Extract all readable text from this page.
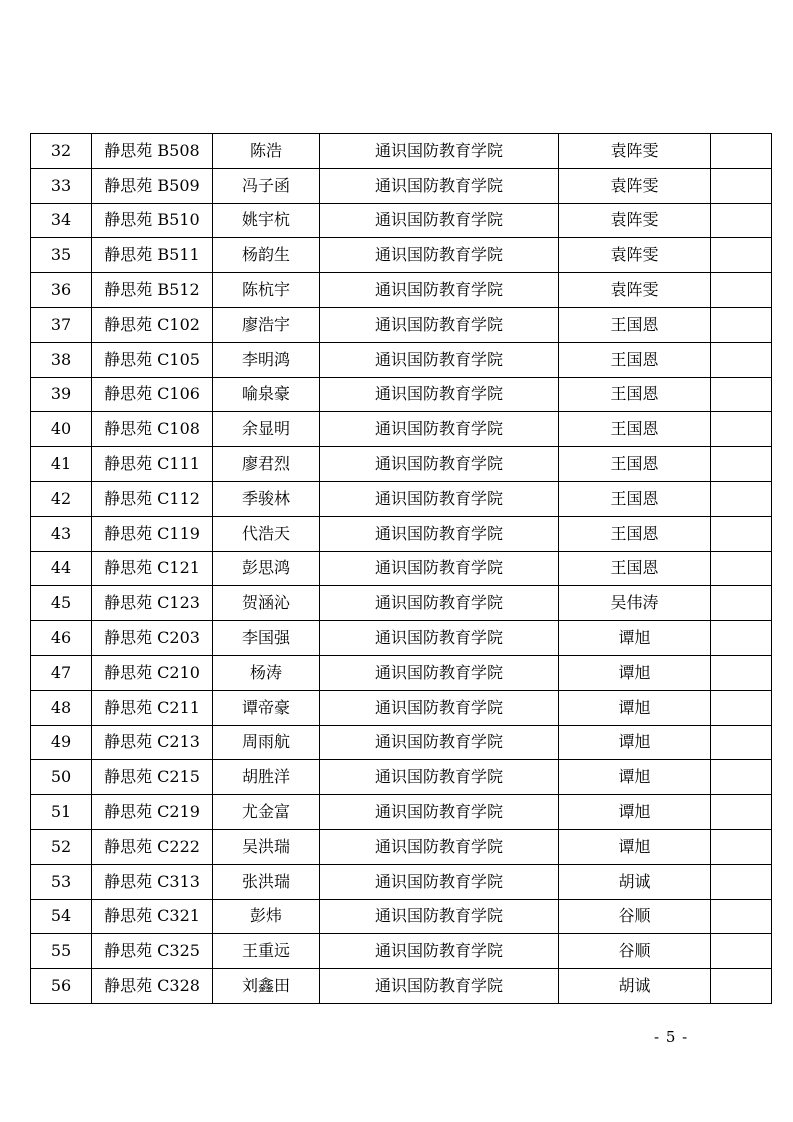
32	静思苑 B508	陈浩	通识国防教育学院	袁阵雯	
33	静思苑 B509	冯子函	通识国防教育学院	袁阵雯	
34	静思苑 B510	姚宇杭	通识国防教育学院	袁阵雯	
35	静思苑 B511	杨韵生	通识国防教育学院	袁阵雯	
36	静思苑 B512	陈杭宇	通识国防教育学院	袁阵雯	
37	静思苑 C102	廖浩宇	通识国防教育学院	王国恩	
38	静思苑 C105	李明鸿	通识国防教育学院	王国恩	
39	静思苑 C106	喻泉豪	通识国防教育学院	王国恩	
40	静思苑 C108	余显明	通识国防教育学院	王国恩	
41	静思苑 C111	廖君烈	通识国防教育学院	王国恩	
42	静思苑 C112	季骏林	通识国防教育学院	王国恩	
43	静思苑 C119	代浩天	通识国防教育学院	王国恩	
44	静思苑 C121	彭思鸿	通识国防教育学院	王国恩	
45	静思苑 C123	贺涵沁	通识国防教育学院	吴伟涛	
46	静思苑 C203	李国强	通识国防教育学院	谭旭	
47	静思苑 C210	杨涛	通识国防教育学院	谭旭	
48	静思苑 C211	谭帝豪	通识国防教育学院	谭旭	
49	静思苑 C213	周雨航	通识国防教育学院	谭旭	
50	静思苑 C215	胡胜洋	通识国防教育学院	谭旭	
51	静思苑 C219	尤金富	通识国防教育学院	谭旭	
52	静思苑 C222	吴洪瑞	通识国防教育学院	谭旭	
53	静思苑 C313	张洪瑞	通识国防教育学院	胡诚	
54	静思苑 C321	彭炜	通识国防教育学院	谷顺	
55	静思苑 C325	王重远	通识国防教育学院	谷顺	
56	静思苑 C328	刘鑫田	通识国防教育学院	胡诚	
- 5 -
